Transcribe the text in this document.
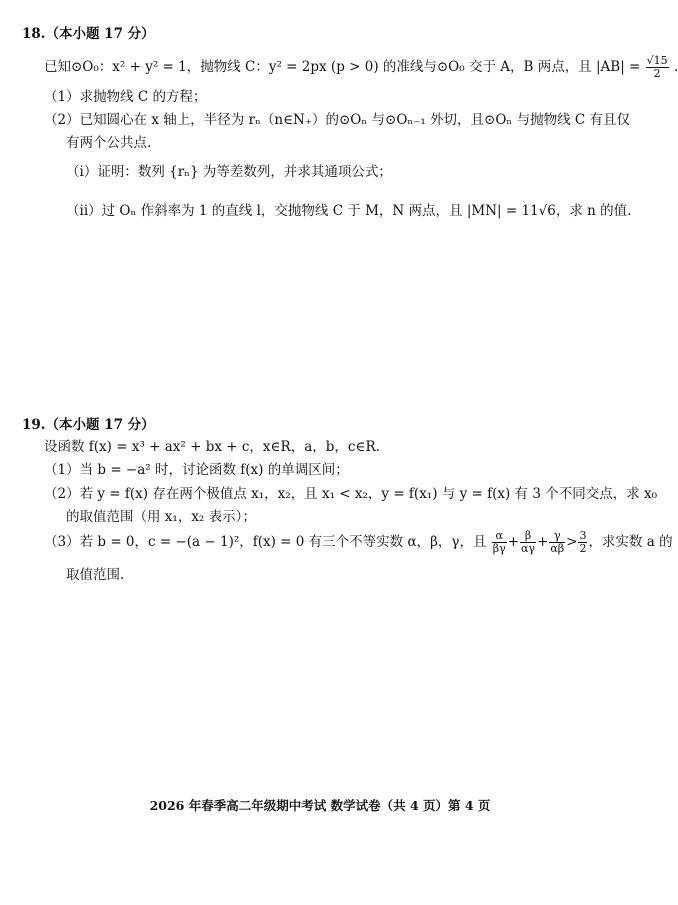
18.（本小题 17 分）
已知⊙O₀：x² + y² = 1，抛物线 C：y² = 2px (p > 0) 的准线与⊙O₀ 交于 A，B 两点，且 $|AB| = \frac{√15}{2}$ .
（1）求抛物线 C 的方程；
（2）已知圆心在 x 轴上，半径为 rₙ（n∈N₊）的⊙Oₙ 与⊙Oₙ₋₁ 外切，且⊙Oₙ 与抛物线 C 有且仅
有两个公共点.
（i）证明：数列 {rₙ} 为等差数列，并求其通项公式；
（ii）过 Oₙ 作斜率为 1 的直线 l，交抛物线 C 于 M，N 两点，且 |MN| = 11√6，求 n 的值.
19.（本小题 17 分）
设函数 f(x) = x³ + ax² + bx + c，x∈R，a，b，c∈R.
（1）当 b = −a² 时，讨论函数 f(x) 的单调区间；
（2）若 y = f(x) 存在两个极值点 x₁，x₂，且 x₁ < x₂，y = f(x₁) 与 y = f(x) 有 3 个不同交点，求 x₀
的取值范围（用 x₁，x₂ 表示）；
（3）若 b = 0，c = −(a − 1)²，f(x) = 0 有三个不等实数 α，β，γ，且 $\frac{\alpha}{\beta\gamma} + \frac{\beta}{\alpha\gamma} + \frac{\gamma}{\alpha\beta} > \frac{3}{2}$ ，求实数 a 的
取值范围.
2026 年春季高二年级期中考试 数学试卷（共 4 页）第 4 页
